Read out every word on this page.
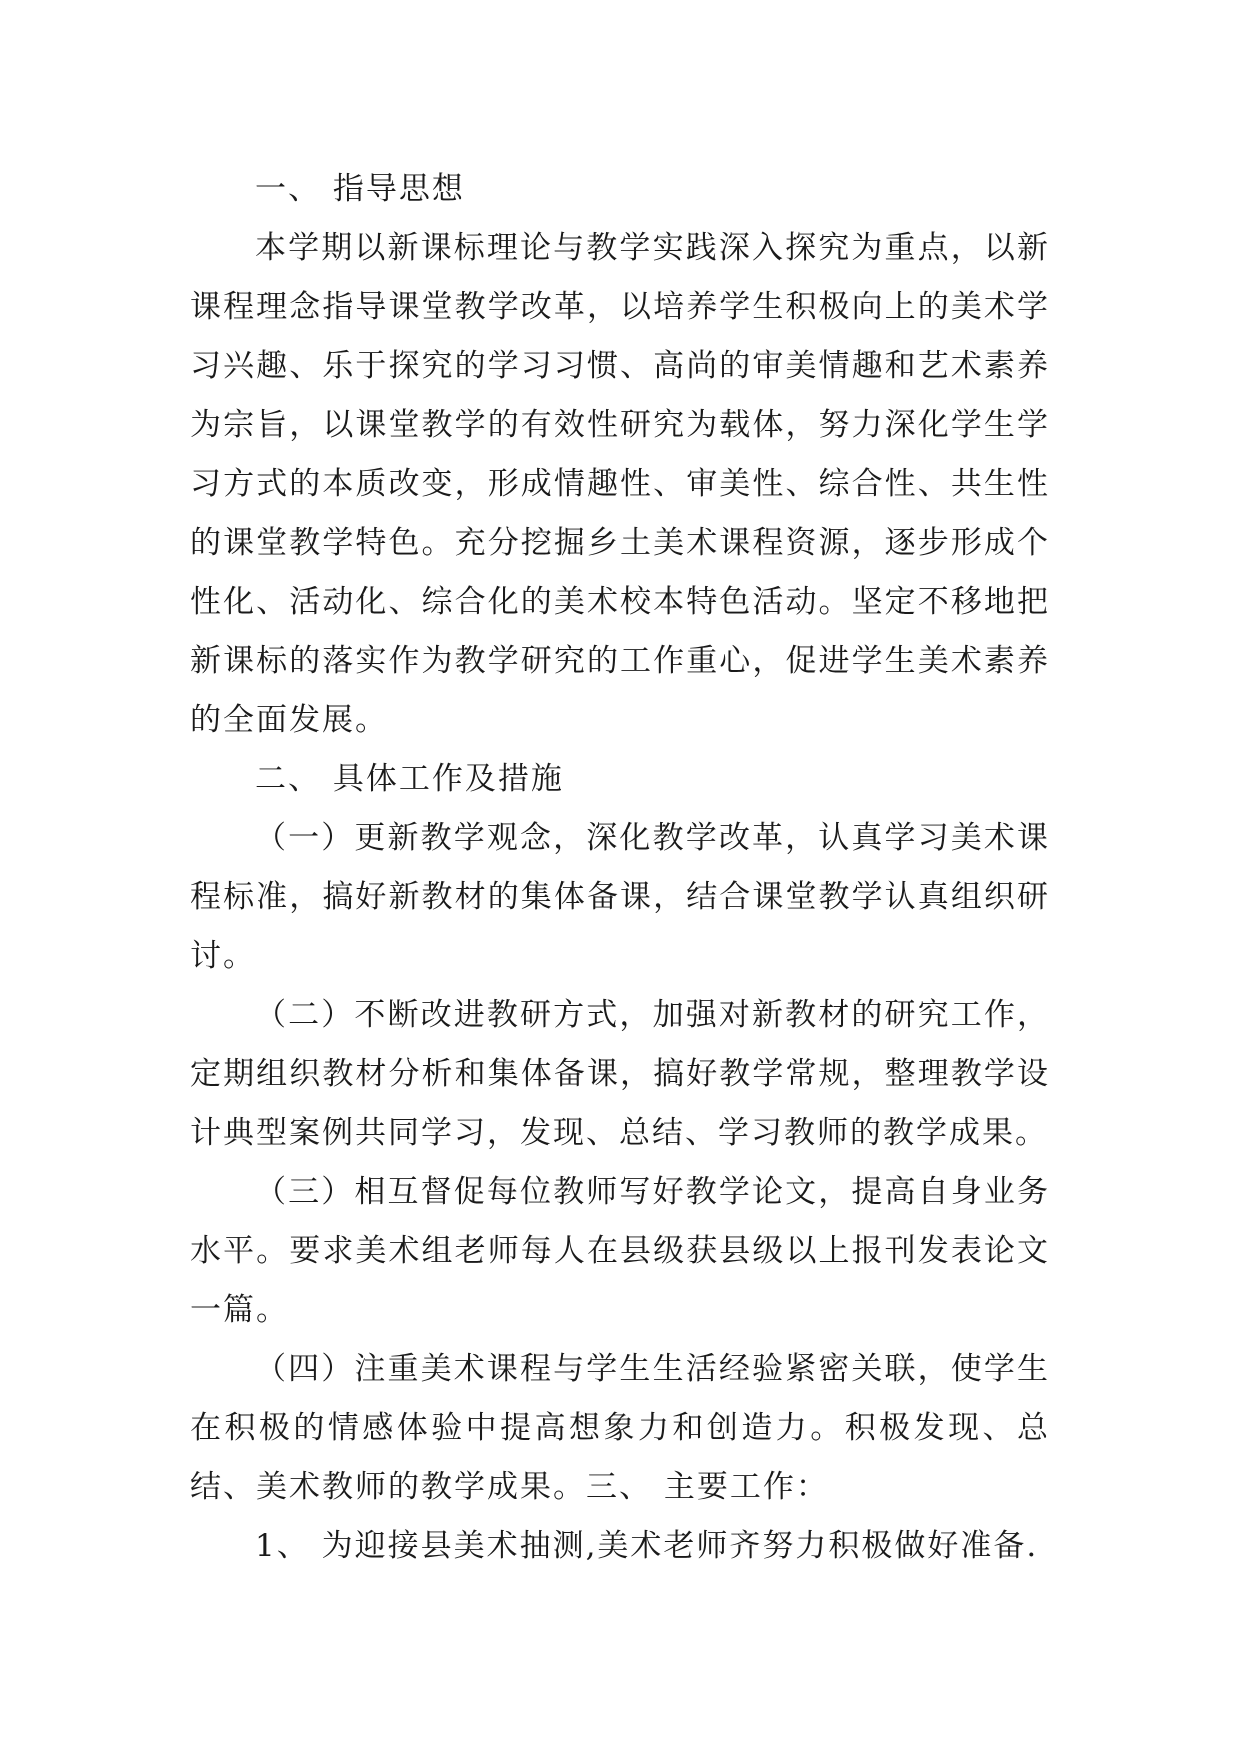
一、 指导思想

本学期以新课标理论与教学实践深入探究为重点，以新课程理念指导课堂教学改革，以培养学生积极向上的美术学习兴趣、乐于探究的学习习惯、高尚的审美情趣和艺术素养为宗旨，以课堂教学的有效性研究为载体，努力深化学生学习方式的本质改变，形成情趣性、审美性、综合性、共生性的课堂教学特色。充分挖掘乡土美术课程资源，逐步形成个性化、活动化、综合化的美术校本特色活动。坚定不移地把新课标的落实作为教学研究的工作重心，促进学生美术素养的全面发展。

二、 具体工作及措施

（一）更新教学观念，深化教学改革，认真学习美术课程标准，搞好新教材的集体备课，结合课堂教学认真组织研讨。

（二）不断改进教研方式，加强对新教材的研究工作，定期组织教材分析和集体备课，搞好教学常规，整理教学设计典型案例共同学习，发现、总结、学习教师的教学成果。

（三）相互督促每位教师写好教学论文，提高自身业务水平。要求美术组老师每人在县级获县级以上报刊发表论文一篇。

（四）注重美术课程与学生生活经验紧密关联，使学生在积极的情感体验中提高想象力和创造力。积极发现、总结、美术教师的教学成果。三、 主要工作：

1、 为迎接县美术抽测,美术老师齐努力积极做好准备.
